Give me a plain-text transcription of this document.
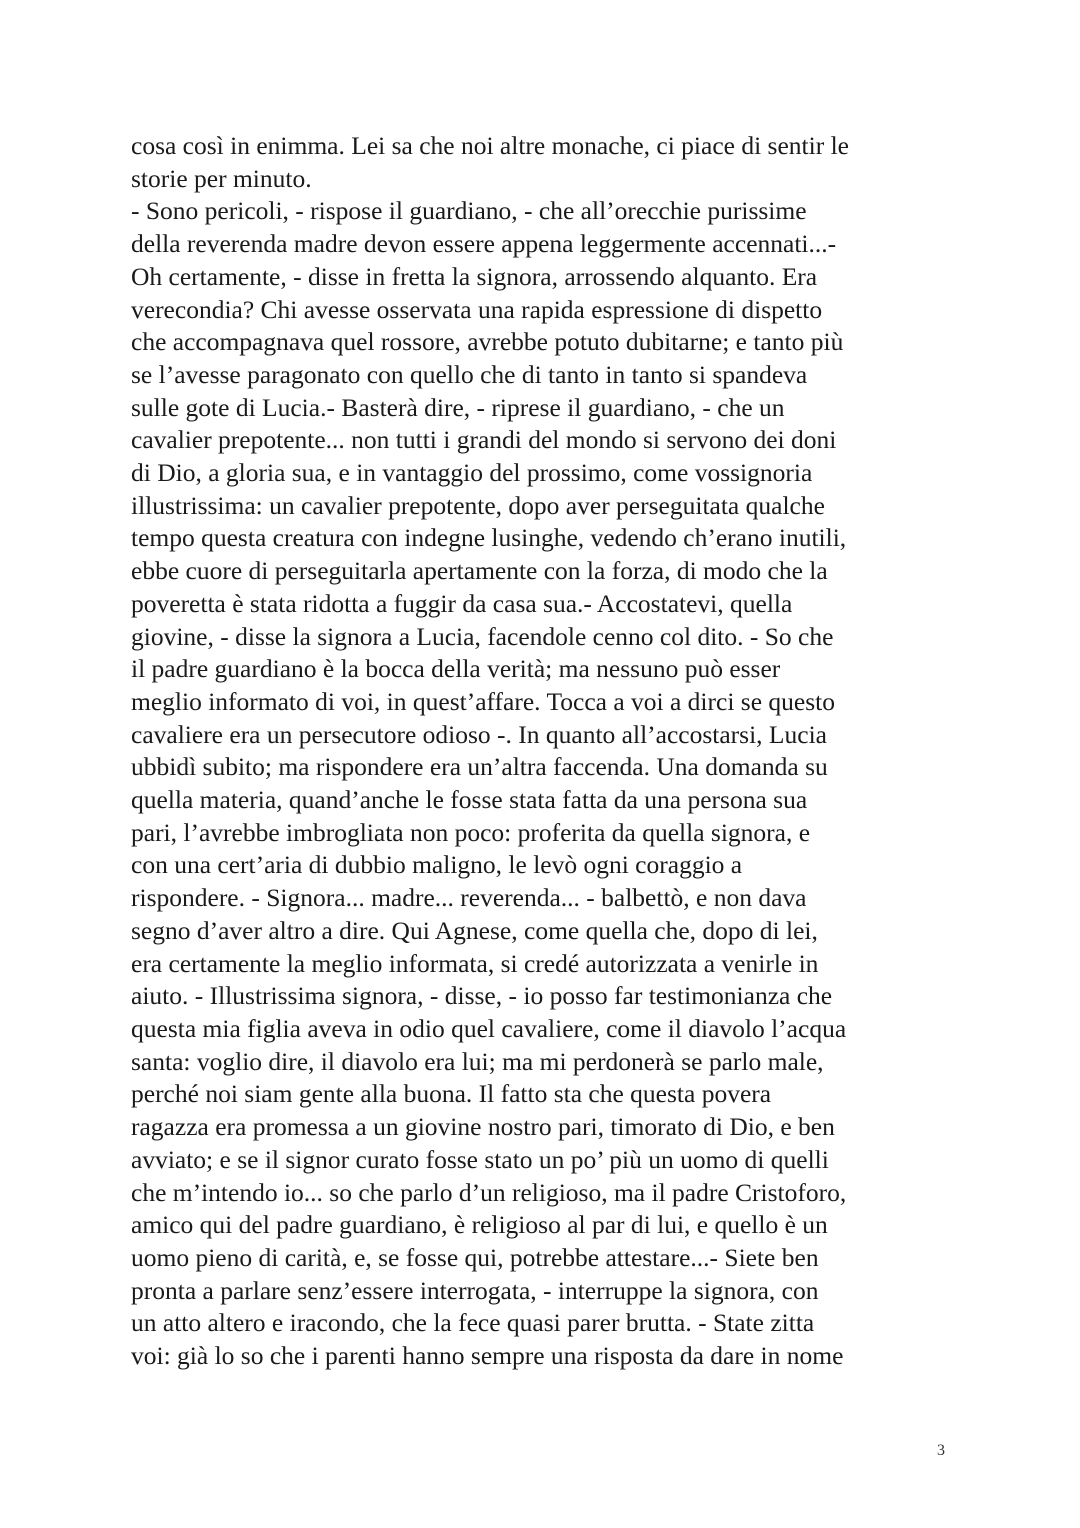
cosa così in enimma. Lei sa che noi altre monache, ci piace di sentir le
storie per minuto.
- Sono pericoli, - rispose il guardiano, - che all’orecchie purissime
della reverenda madre devon essere appena leggermente accennati...-
Oh certamente, - disse in fretta la signora, arrossendo alquanto. Era
verecondia? Chi avesse osservata una rapida espressione di dispetto
che accompagnava quel rossore, avrebbe potuto dubitarne; e tanto più
se l’avesse paragonato con quello che di tanto in tanto si spandeva
sulle gote di Lucia.- Basterà dire, - riprese il guardiano, - che un
cavalier prepotente... non tutti i grandi del mondo si servono dei doni
di Dio, a gloria sua, e in vantaggio del prossimo, come vossignoria
illustrissima: un cavalier prepotente, dopo aver perseguitata qualche
tempo questa creatura con indegne lusinghe, vedendo ch’erano inutili,
ebbe cuore di perseguitarla apertamente con la forza, di modo che la
poveretta è stata ridotta a fuggir da casa sua.- Accostatevi, quella
giovine, - disse la signora a Lucia, facendole cenno col dito. - So che
il padre guardiano è la bocca della verità; ma nessuno può esser
meglio informato di voi, in quest’affare. Tocca a voi a dirci se questo
cavaliere era un persecutore odioso -. In quanto all’accostarsi, Lucia
ubbidì subito; ma rispondere era un’altra faccenda. Una domanda su
quella materia, quand’anche le fosse stata fatta da una persona sua
pari, l’avrebbe imbrogliata non poco: proferita da quella signora, e
con una cert’aria di dubbio maligno, le levò ogni coraggio a
rispondere. - Signora... madre... reverenda... - balbettò, e non dava
segno d’aver altro a dire. Qui Agnese, come quella che, dopo di lei,
era certamente la meglio informata, si credé autorizzata a venirle in
aiuto. - Illustrissima signora, - disse, - io posso far testimonianza che
questa mia figlia aveva in odio quel cavaliere, come il diavolo l’acqua
santa: voglio dire, il diavolo era lui; ma mi perdonerà se parlo male,
perché noi siam gente alla buona. Il fatto sta che questa povera
ragazza era promessa a un giovine nostro pari, timorato di Dio, e ben
avviato; e se il signor curato fosse stato un po’ più un uomo di quelli
che m’intendo io... so che parlo d’un religioso, ma il padre Cristoforo,
amico qui del padre guardiano, è religioso al par di lui, e quello è un
uomo pieno di carità, e, se fosse qui, potrebbe attestare...- Siete ben
pronta a parlare senz’essere interrogata, - interruppe la signora, con
un atto altero e iracondo, che la fece quasi parer brutta. - State zitta
voi: già lo so che i parenti hanno sempre una risposta da dare in nome
3
